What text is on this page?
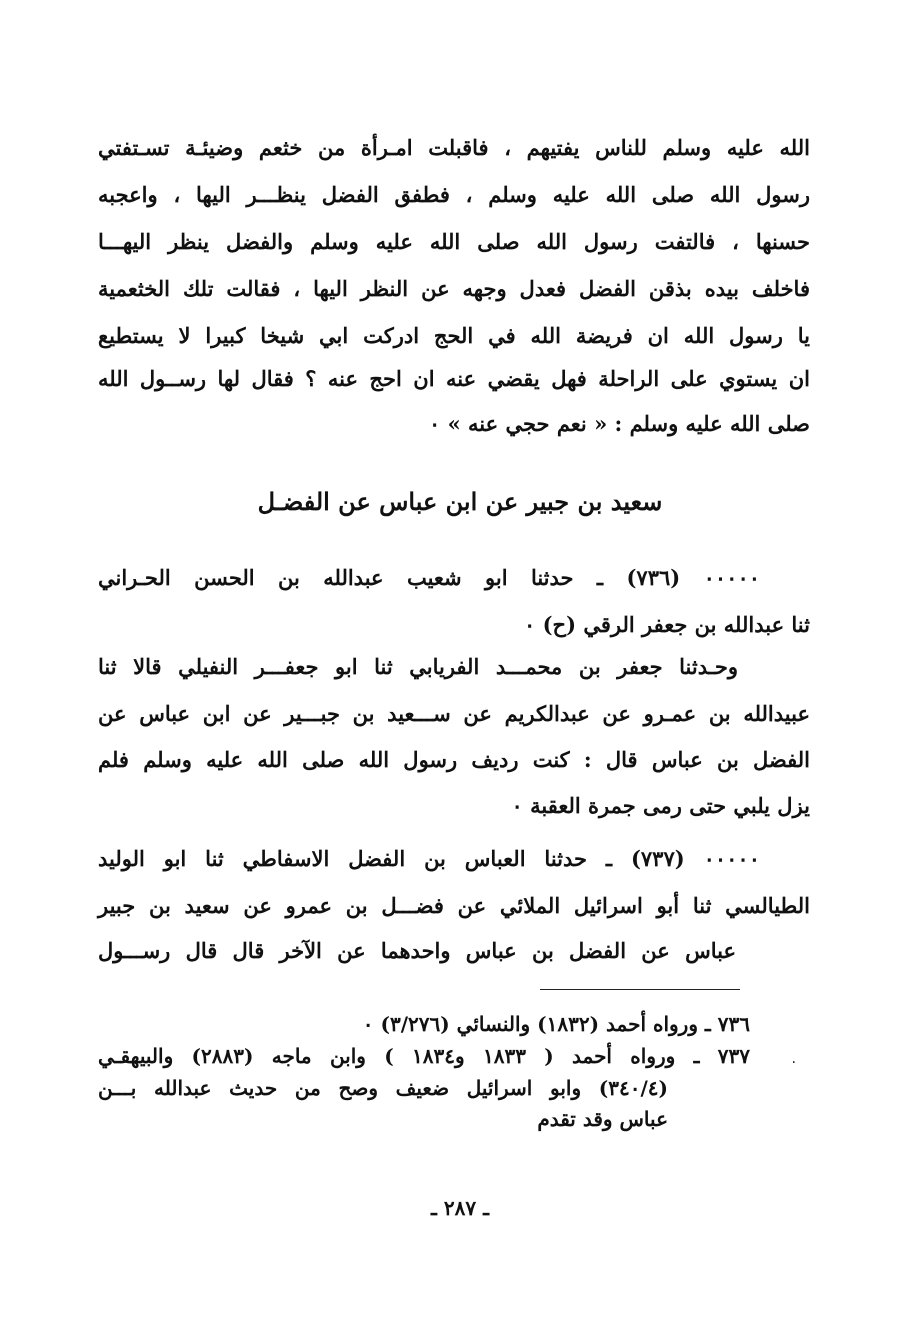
الله عليه وسلم للناس يفتيهم ، فاقبلت امـرأة من خثعم وضيئـة تسـتفتي
رسول الله صلى الله عليه وسلم ، فطفق الفضل ينظـــر اليها ، واعجبه
حسنها ، فالتفت رسول الله صلى الله عليه وسلم والفضل ينظر اليهـــا
فاخلف بيده بذقن الفضل فعدل وجهه عن النظر اليها ، فقالت تلك الخثعمية
يا رسول الله ان فريضة الله في الحج ادركت ابي شيخا كبيرا لا يستطيع
ان يستوي على الراحلة فهل يقضي عنه ان احج عنه ؟ فقال لها رســول الله
صلى الله عليه وسلم : « نعم حجي عنه » ٠
سعيد بن جبير عن ابن عباس عن الفضـل
٠٠٠٠٠ (٧٣٦) ـ حدثنا ابو شعيب عبدالله بن الحسن الحـراني
ثنا عبدالله بن جعفر الرقي (ح) ٠
وحـدثنا جعفر بن محمـــد الفريابي ثنا ابو جعفـــر النفيلي قالا ثنا
عبيدالله بن عمـرو عن عبدالكريم عن ســـعيد بن جبـــير عن ابن عباس عن
الفضل بن عباس قال : كنت رديف رسول الله صلى الله عليه وسلم فلم
يزل يلبي حتى رمى جمرة العقبة ٠
٠٠٠٠٠ (٧٣٧) ـ حدثنا العباس بن الفضل الاسفاطي ثنا ابو الوليد
الطيالسي ثنا أبو اسرائيل الملائي عن فضـــل بن عمرو عن سعيد بن جبير
عباس عن الفضل بن عباس واحدهما عن الآخر قال قال رســـول
٧٣٦ ـ ورواه أحمد (١٨٣٢) والنسائي (٣/٢٧٦) ٠
٧٣٧ ـ ورواه أحمد ( ١٨٣٣ و١٨٣٤ ) وابن ماجه (٢٨٨٣) والبيهقـي
(٣٤٠/٤) وابو اسرائيل ضعيف وصح من حديث عبدالله بـــن
عباس وقد تقدم
٠
ـ ٢٨٧ ـ
